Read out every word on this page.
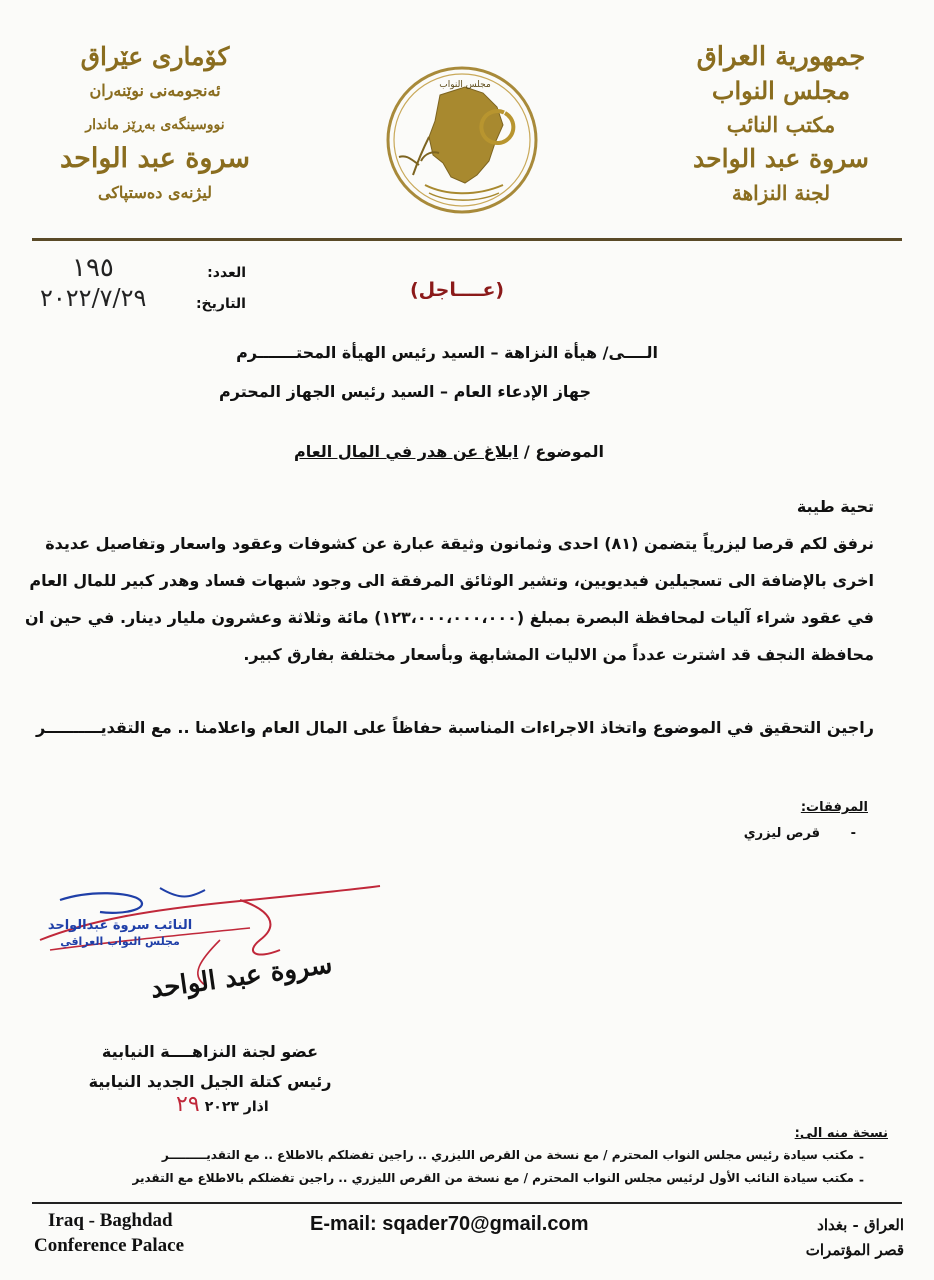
جمهورية العراق
مجلس النواب
مكتب النائب
سروة عبد الواحد
لجنة النزاهة
كۆماری عێراق
ئەنجومەنی نوێنەران
نووسینگەی بەڕێز ماندار
سروة عبد الواحد
لیژنەی دەستپاکی
مجلس النواب
العدد:
١٩٥
التاريخ:
٢٠٢٢/٧/٢٩	(عــــاجل)
الــــى/ هيأة النزاهة – السيد رئيس الهيأة المحتـــــــرم
جهاز الإدعاء العام – السيد رئيس الجهاز المحترم
الموضوع / ابلاغ عن هدر في المال العام
تحية طيبة
نرفق لكم قرصا ليزرياً يتضمن (٨١) احدى وثمانون وثيقة عبارة عن كشوفات وعقود واسعار وتفاصيل عديدة
اخرى بالإضافة الى تسجيلين فيديويين، وتشير الوثائق المرفقة الى وجود شبهات فساد وهدر كبير للمال العام
في عقود شراء آليات لمحافظة البصرة بمبلغ (١٢٣،٠٠٠،٠٠٠،٠٠٠) مائة وثلاثة وعشرون مليار دينار. في حين ان
محافظة النجف قد اشترت عدداً من الاليات المشابهة وبأسعار مختلفة بفارق كبير.
راجين التحقيق في الموضوع واتخاذ الاجراءات المناسبة حفاظاً على المال العام واعلامنا .. مع التقديــــــــــر
المرفقات:
- قرص ليزري
النائب سروة عبدالواحد
مجلس النواب العراقي
سروة عبد الواحد
عضو لجنة النزاهــــة النيابية
رئيس كتلة الجيل الجديد النيابية
اذار ٢٠٢٣ ٢٩
نسخة منه الى:
مكتب سيادة رئيس مجلس النواب المحترم / مع نسخة من القرص الليزري .. راجين تفضلكم بالاطلاع .. مع التقديـــــــــر
مكتب سيادة النائب الأول لرئيس مجلس النواب المحترم / مع نسخة من القرص الليزري .. راجين تفضلكم بالاطلاع مع التقدير
-
-
Iraq - Baghdad
Conference Palace
E-mail: sqader70@gmail.com	العراق - بغداد
قصر المؤتمرات
